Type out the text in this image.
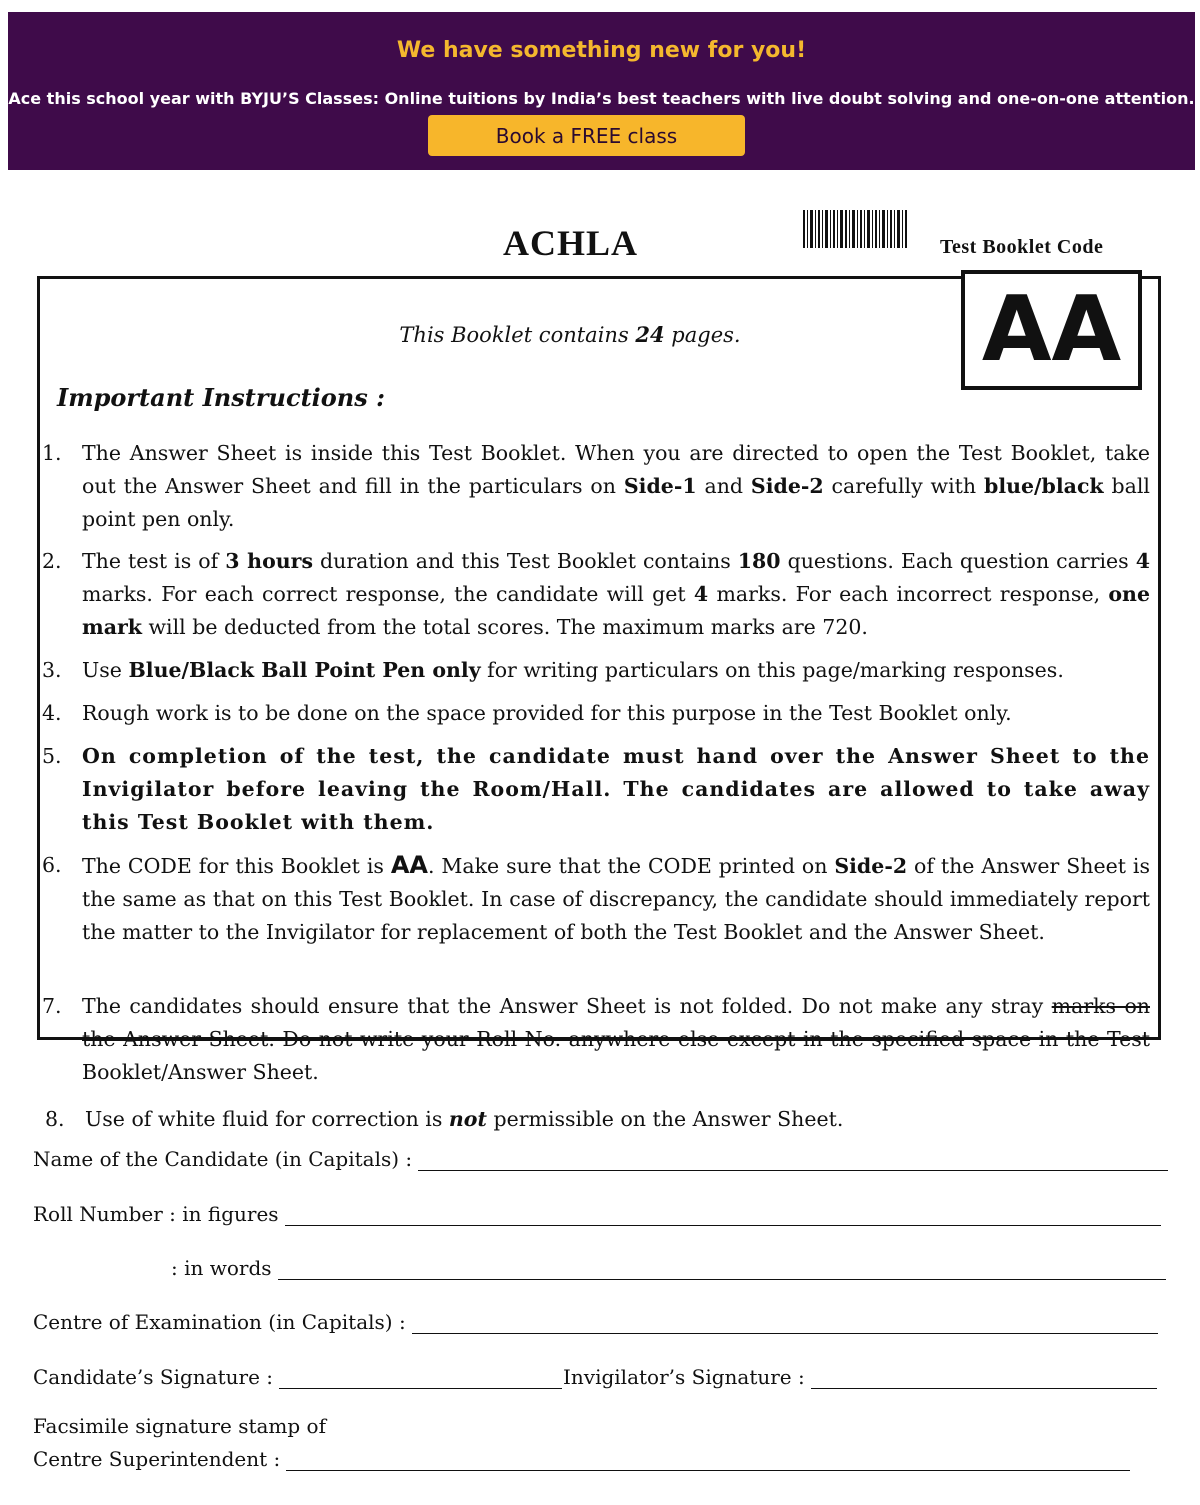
We have something new for you!
Ace this school year with BYJU’S Classes: Online tuitions by India’s best teachers with live doubt solving and one-on-one attention.
Book a FREE class
ACHLA	Test Booklet Code
AA
This Booklet contains 24 pages.
Important Instructions :
1. The Answer Sheet is inside this Test Booklet. When you are directed to open the Test Booklet, take out the Answer Sheet and fill in the particulars on Side-1 and Side-2 carefully with blue/black ball point pen only.
2. The test is of 3 hours duration and this Test Booklet contains 180 questions. Each question carries 4 marks. For each correct response, the candidate will get 4 marks. For each incorrect response, one mark will be deducted from the total scores. The maximum marks are 720.
3. Use Blue/Black Ball Point Pen only for writing particulars on this page/marking responses.
4. Rough work is to be done on the space provided for this purpose in the Test Booklet only.
5. On completion of the test, the candidate must hand over the Answer Sheet to the Invigilator before leaving the Room/Hall. The candidates are allowed to take away this Test Booklet with them.
6. The CODE for this Booklet is AA. Make sure that the CODE printed on Side-2 of the Answer Sheet is the same as that on this Test Booklet. In case of discrepancy, the candidate should immediately report the matter to the Invigilator for replacement of both the Test Booklet and the Answer Sheet.
7. The candidates should ensure that the Answer Sheet is not folded. Do not make any stray marks on the Answer Sheet. Do not write your Roll No. anywhere else except in the specified space in the Test Booklet/Answer Sheet.
8. Use of white fluid for correction is not permissible on the Answer Sheet.
Name of the Candidate (in Capitals) :
Roll Number : in figures
: in words
Centre of Examination (in Capitals) :
Candidate’s Signature :	Invigilator’s Signature :
Facsimile signature stamp of
Centre Superintendent :
